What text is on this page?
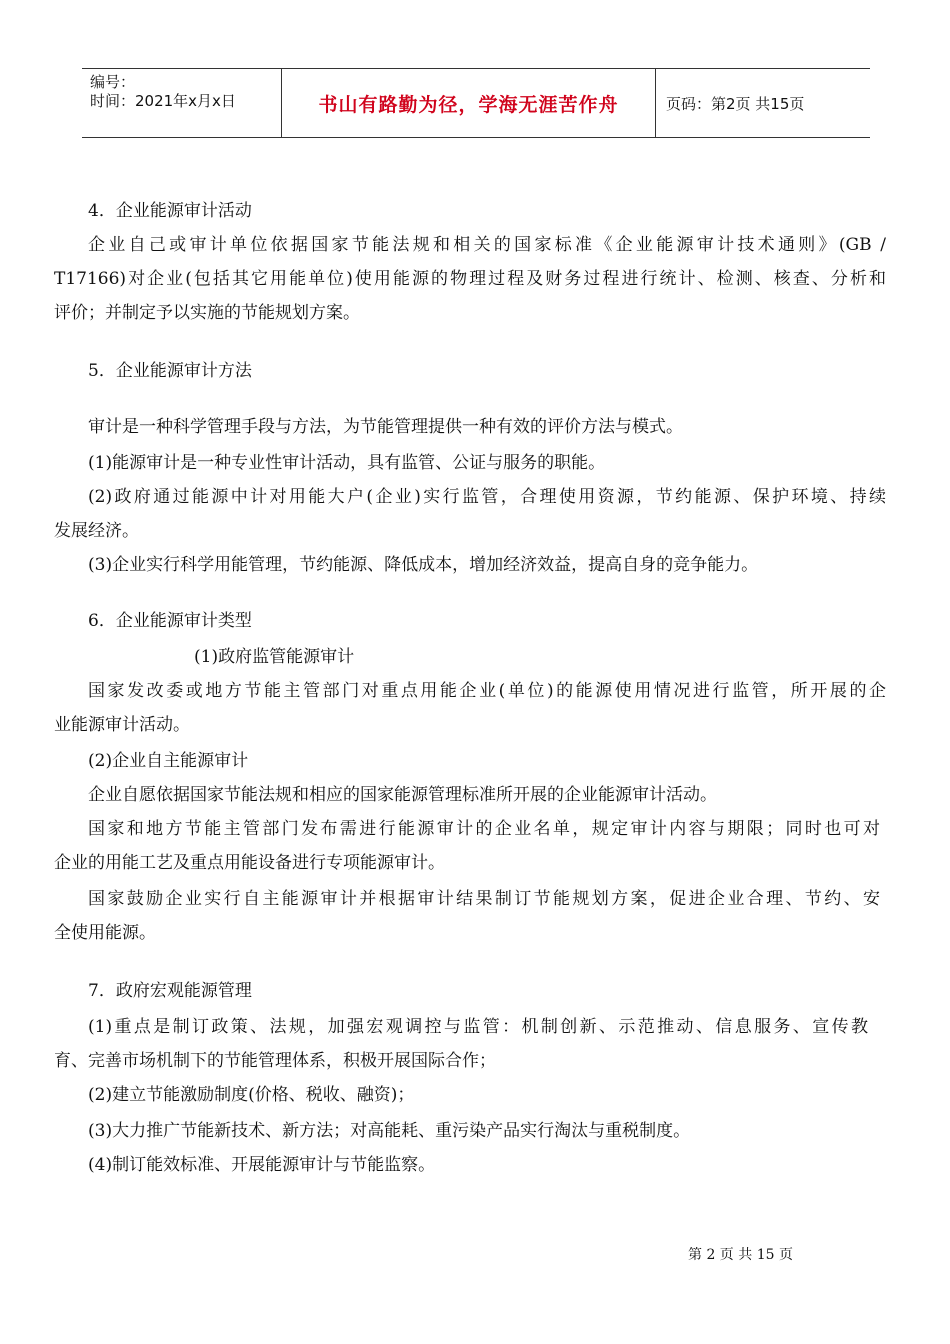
编号：
时间：2021年x月x日	书山有路勤为径，学海无涯苦作舟	页码：第2页 共15页
4．企业能源审计活动
企业自己或审计单位依据国家节能法规和相关的国家标准《企业能源审计技术通则》(GB /
T17166)对企业(包括其它用能单位)使用能源的物理过程及财务过程进行统计、检测、核查、分析和
评价；并制定予以实施的节能规划方案。
5．企业能源审计方法
审计是一种科学管理手段与方法，为节能管理提供一种有效的评价方法与模式。
(1)能源审计是一种专业性审计活动，具有监管、公证与服务的职能。
(2)政府通过能源中计对用能大户(企业)实行监管，合理使用资源，节约能源、保护环境、持续
发展经济。
(3)企业实行科学用能管理，节约能源、降低成本，增加经济效益，提高自身的竞争能力。
6．企业能源审计类型
(1)政府监管能源审计
国家发改委或地方节能主管部门对重点用能企业(单位)的能源使用情况进行监管，所开展的企
业能源审计活动。
(2)企业自主能源审计
企业自愿依据国家节能法规和相应的国家能源管理标准所开展的企业能源审计活动。
国家和地方节能主管部门发布需进行能源审计的企业名单，规定审计内容与期限；同时也可对
企业的用能工艺及重点用能设备进行专项能源审计。
国家鼓励企业实行自主能源审计并根据审计结果制订节能规划方案，促进企业合理、节约、安
全使用能源。
7．政府宏观能源管理
(1)重点是制订政策、法规，加强宏观调控与监管：机制创新、示范推动、信息服务、宣传教
育、完善市场机制下的节能管理体系，积极开展国际合作；
(2)建立节能激励制度(价格、税收、融资)；
(3)大力推广节能新技术、新方法；对高能耗、重污染产品实行淘汰与重税制度。
(4)制订能效标准、开展能源审计与节能监察。
第 2 页 共 15 页
